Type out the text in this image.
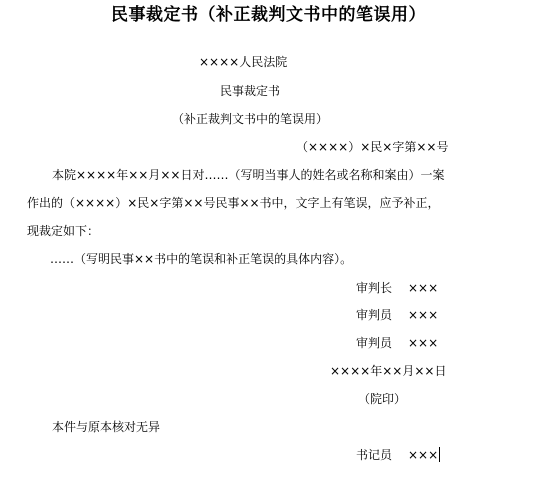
民事裁定书（补正裁判文书中的笔误用）
××××人民法院
民事裁定书
（补正裁判文书中的笔误用）
（××××）×民×字第××号
本院××××年××月××日对……（写明当事人的姓名或名称和案由）一案
作出的（××××）×民×字第××号民事××书中，文字上有笔误，应予补正，
现裁定如下：
……（写明民事××书中的笔误和补正笔误的具体内容）。
审判长 ×××
审判员 ×××
审判员 ×××
××××年××月××日
（院印）
本件与原本核对无异
书记员 ×××
